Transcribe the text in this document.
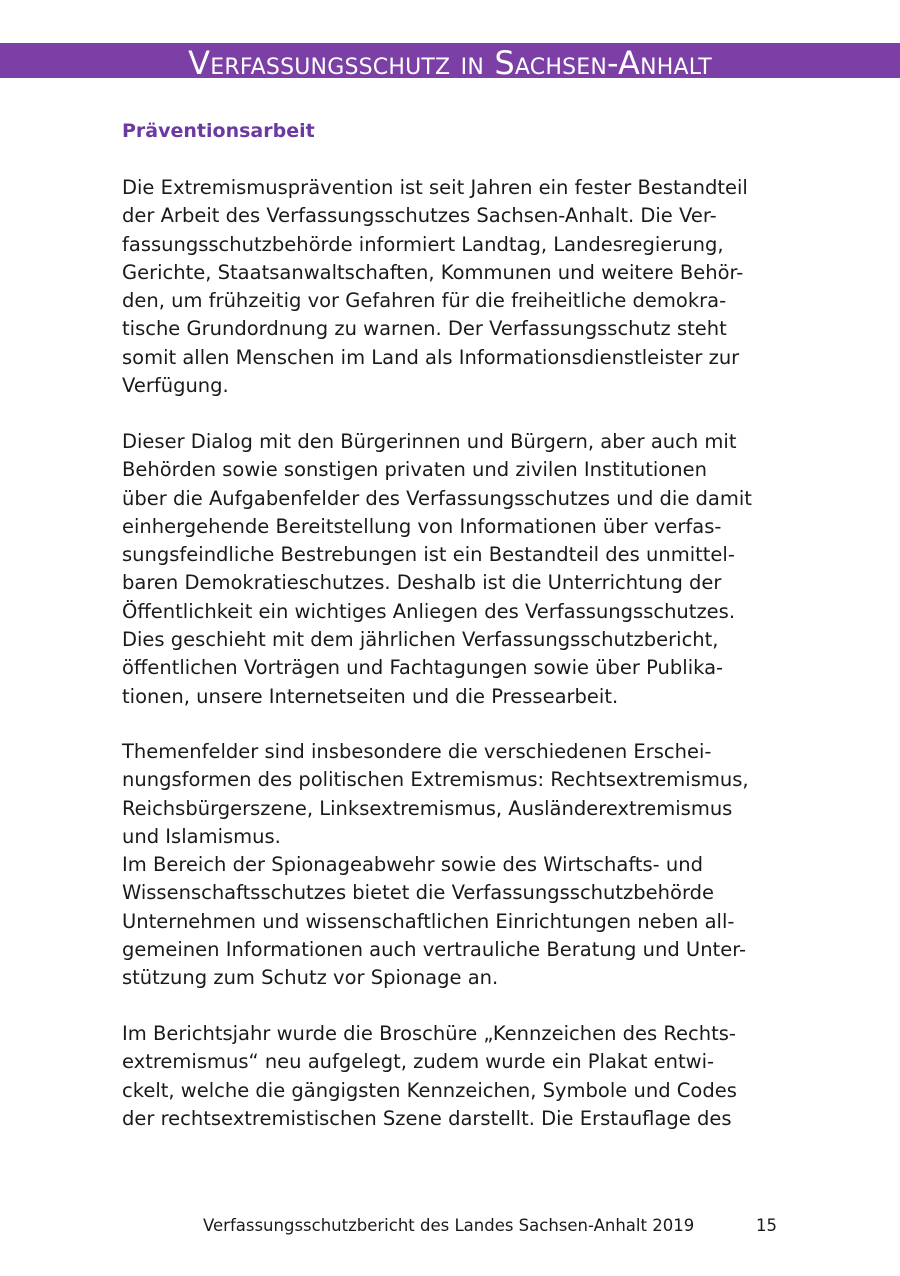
Verfassungsschutz in Sachsen-Anhalt
Präventionsarbeit

Die Extremismusprävention ist seit Jahren ein fester Bestandteil
der Arbeit des Verfassungsschutzes Sachsen-Anhalt. Die Ver-
fassungsschutzbehörde informiert Landtag, Landesregierung,
Gerichte, Staatsanwaltschaften, Kommunen und weitere Behör-
den, um frühzeitig vor Gefahren für die freiheitliche demokra-
tische Grundordnung zu warnen. Der Verfassungsschutz steht
somit allen Menschen im Land als Informationsdienstleister zur
Verfügung.

Dieser Dialog mit den Bürgerinnen und Bürgern, aber auch mit
Behörden sowie sonstigen privaten und zivilen Institutionen
über die Aufgabenfelder des Verfassungsschutzes und die damit
einhergehende Bereitstellung von Informationen über verfas-
sungsfeindliche Bestrebungen ist ein Bestandteil des unmittel-
baren Demokratieschutzes. Deshalb ist die Unterrichtung der
Öffentlichkeit ein wichtiges Anliegen des Verfassungsschutzes.
Dies geschieht mit dem jährlichen Verfassungsschutzbericht,
öffentlichen Vorträgen und Fachtagungen sowie über Publika-
tionen, unsere Internetseiten und die Pressearbeit.

Themenfelder sind insbesondere die verschiedenen Erschei-
nungsformen des politischen Extremismus: Rechtsextremismus,
Reichsbürgerszene, Linksextremismus, Ausländerextremismus
und Islamismus.
Im Bereich der Spionageabwehr sowie des Wirtschafts- und
Wissenschaftsschutzes bietet die Verfassungsschutzbehörde
Unternehmen und wissenschaftlichen Einrichtungen neben all-
gemeinen Informationen auch vertrauliche Beratung und Unter-
stützung zum Schutz vor Spionage an.

Im Berichtsjahr wurde die Broschüre „Kennzeichen des Rechts-
extremismus“ neu aufgelegt, zudem wurde ein Plakat entwi-
ckelt, welche die gängigsten Kennzeichen, Symbole und Codes
der rechtsextremistischen Szene darstellt. Die Erstauflage des

Verfassungsschutzbericht des Landes Sachsen-Anhalt 2019	15
